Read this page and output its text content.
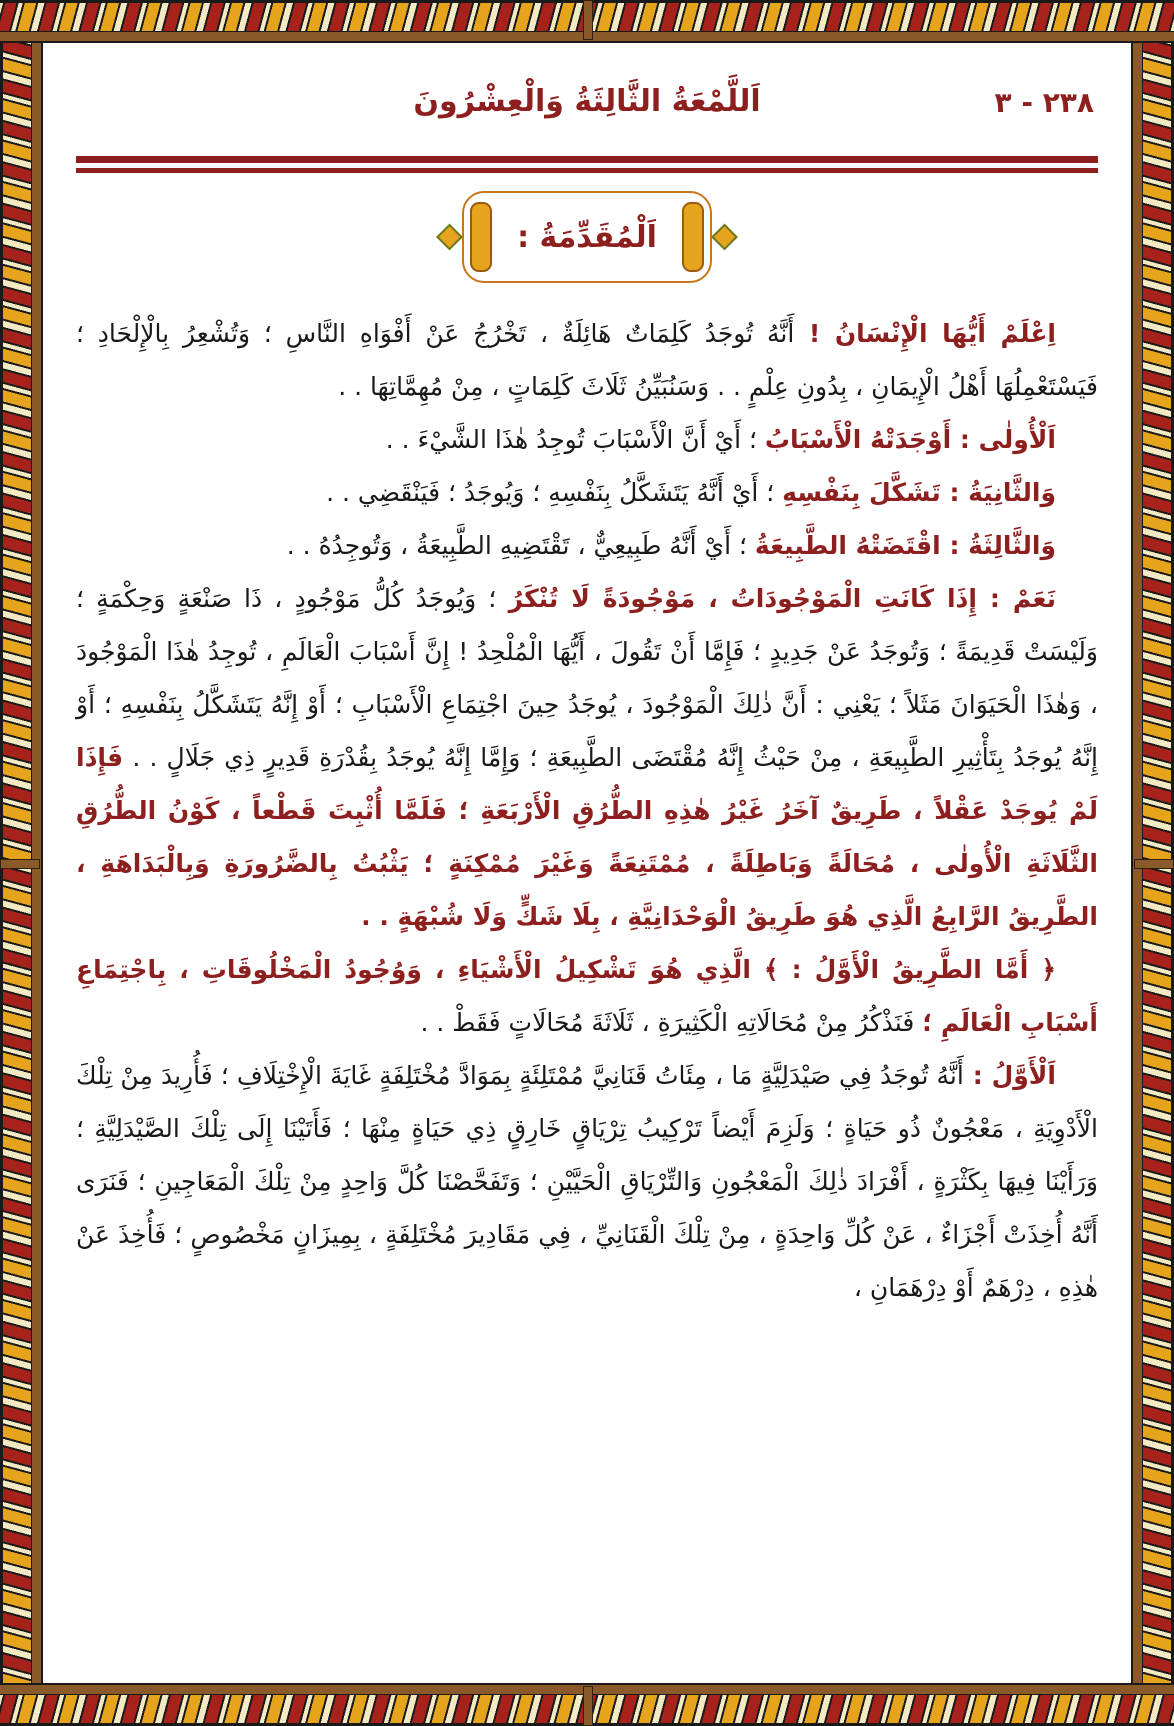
اَللَّمْعَةُ الثَّالِثَةُ وَالْعِشْرُونَ	٢٣٨ - ٣
اَلْمُقَدِّمَةُ :

اِعْلَمْ أَيُّهَا الْإِنْسَانُ ! أَنَّهُ تُوجَدُ كَلِمَاتٌ هَائِلَةٌ ، تَخْرُجُ عَنْ أَفْوَاهِ النَّاسِ ؛ وَتُشْعِرُ بِالْإِلْحَادِ ؛ فَيَسْتَعْمِلُهَا أَهْلُ الْإِيمَانِ ، بِدُونِ عِلْمٍ . . وَسَنُبَيِّنُ ثَلَاثَ كَلِمَاتٍ ، مِنْ مُهِمَّاتِهَا . .

اَلْأُولٰى : أَوْجَدَتْهُ الْأَسْبَابُ ؛ أَيْ أَنَّ الْأَسْبَابَ تُوجِدُ هٰذَا الشَّيْءَ . .

وَالثَّانِيَةُ : تَشَكَّلَ بِنَفْسِهِ ؛ أَيْ أَنَّهُ يَتَشَكَّلُ بِنَفْسِهِ ؛ وَيُوجَدُ ؛ فَيَنْقَضِي . .

وَالثَّالِثَةُ : اقْتَضَتْهُ الطَّبِيعَةُ ؛ أَيْ أَنَّهُ طَبِيعِيٌّ ، تَقْتَضِيهِ الطَّبِيعَةُ ، وَتُوجِدُهُ . .

نَعَمْ : إِذَا كَانَتِ الْمَوْجُودَاتُ ، مَوْجُودَةً لَا تُنْكَرُ ؛ وَيُوجَدُ كُلُّ مَوْجُودٍ ، ذَا صَنْعَةٍ وَحِكْمَةٍ ؛ وَلَيْسَتْ قَدِيمَةً ؛ وَتُوجَدُ عَنْ جَدِيدٍ ؛ فَإِمَّا أَنْ تَقُولَ ، أَيُّهَا الْمُلْحِدُ ! إِنَّ أَسْبَابَ الْعَالَمِ ، تُوجِدُ هٰذَا الْمَوْجُودَ ، وَهٰذَا الْحَيَوَانَ مَثَلاً ؛ يَعْنِي : أَنَّ ذٰلِكَ الْمَوْجُودَ ، يُوجَدُ حِينَ اجْتِمَاعِ الْأَسْبَابِ ؛ أَوْ إِنَّهُ يَتَشَكَّلُ بِنَفْسِهِ ؛ أَوْ إِنَّهُ يُوجَدُ بِتَأْثِيرِ الطَّبِيعَةِ ، مِنْ حَيْثُ إِنَّهُ مُقْتَضَى الطَّبِيعَةِ ؛ وَإِمَّا إِنَّهُ يُوجَدُ بِقُدْرَةِ قَدِيرٍ ذِي جَلَالٍ . . فَإِذَا لَمْ يُوجَدْ عَقْلاً ، طَرِيقٌ آخَرُ غَيْرُ هٰذِهِ الطُّرُقِ الْأَرْبَعَةِ ؛ فَلَمَّا أُثْبِتَ قَطْعاً ، كَوْنُ الطُّرُقِ الثَّلَاثَةِ الْأُولٰى ، مُحَالَةً وَبَاطِلَةً ، مُمْتَنِعَةً وَغَيْرَ مُمْكِنَةٍ ؛ يَثْبُتُ بِالضَّرُورَةِ وَبِالْبَدَاهَةِ ، الطَّرِيقُ الرَّابِعُ الَّذِي هُوَ طَرِيقُ الْوَحْدَانِيَّةِ ، بِلَا شَكٍّ وَلَا شُبْهَةٍ . .

﴿ أَمَّا الطَّرِيقُ الْأَوَّلُ : ﴾ الَّذِي هُوَ تَشْكِيلُ الْأَشْيَاءِ ، وَوُجُودُ الْمَخْلُوقَاتِ ، بِاجْتِمَاعِ أَسْبَابِ الْعَالَمِ ؛ فَنَذْكُرُ مِنْ مُحَالَاتِهِ الْكَثِيرَةِ ، ثَلَاثَةَ مُحَالَاتٍ فَقَطْ . .

اَلْأَوَّلُ : أَنَّهُ تُوجَدُ فِي صَيْدَلِيَّةٍ مَا ، مِئَاتُ قَنَانِيَّ مُمْتَلِئَةٍ بِمَوَادَّ مُخْتَلِفَةٍ غَايَةَ الْإِخْتِلَافِ ؛ فَأُرِيدَ مِنْ تِلْكَ الْأَدْوِيَةِ ، مَعْجُونٌ ذُو حَيَاةٍ ؛ وَلَزِمَ أَيْضاً تَرْكِيبُ تِرْيَاقٍ خَارِقٍ ذِي حَيَاةٍ مِنْهَا ؛ فَأَتَيْنَا إِلَى تِلْكَ الصَّيْدَلِيَّةِ ؛ وَرَأَيْنَا فِيهَا بِكَثْرَةٍ ، أَفْرَادَ ذٰلِكَ الْمَعْجُونِ وَالتِّرْيَاقِ الْحَيَّيْنِ ؛ وَتَفَحَّصْنَا كُلَّ وَاحِدٍ مِنْ تِلْكَ الْمَعَاجِينِ ؛ فَنَرَى أَنَّهُ أُخِذَتْ أَجْزَاءٌ ، عَنْ كُلِّ وَاحِدَةٍ ، مِنْ تِلْكَ الْقَنَانِيِّ ، فِي مَقَادِيرَ مُخْتَلِفَةٍ ، بِمِيزَانٍ مَخْصُوصٍ ؛ فَأُخِذَ عَنْ هٰذِهِ ، دِرْهَمٌ أَوْ دِرْهَمَانِ ،
